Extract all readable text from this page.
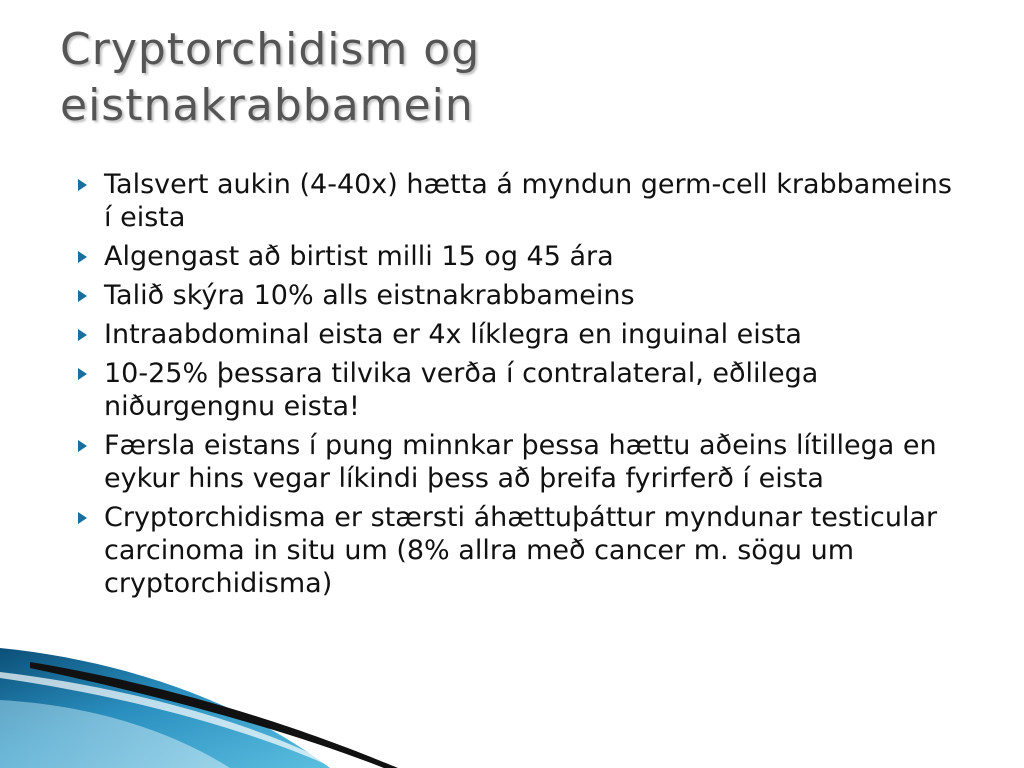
Cryptorchidism og
eistnakrabbamein
Talsvert aukin (4-40x) hætta á myndun germ-cell krabbameins í eista
Algengast að birtist milli 15 og 45 ára
Talið skýra 10% alls eistnakrabbameins
Intraabdominal eista er 4x líklegra en inguinal eista
10-25% þessara tilvika verða í contralateral, eðlilega niðurgengnu eista!
Færsla eistans í pung minnkar þessa hættu aðeins lítillega en eykur hins vegar líkindi þess að þreifa fyrirferð í eista
Cryptorchidisma er stærsti áhættuþáttur myndunar testicular carcinoma in situ um (8% allra með cancer m. sögu um cryptorchidisma)
